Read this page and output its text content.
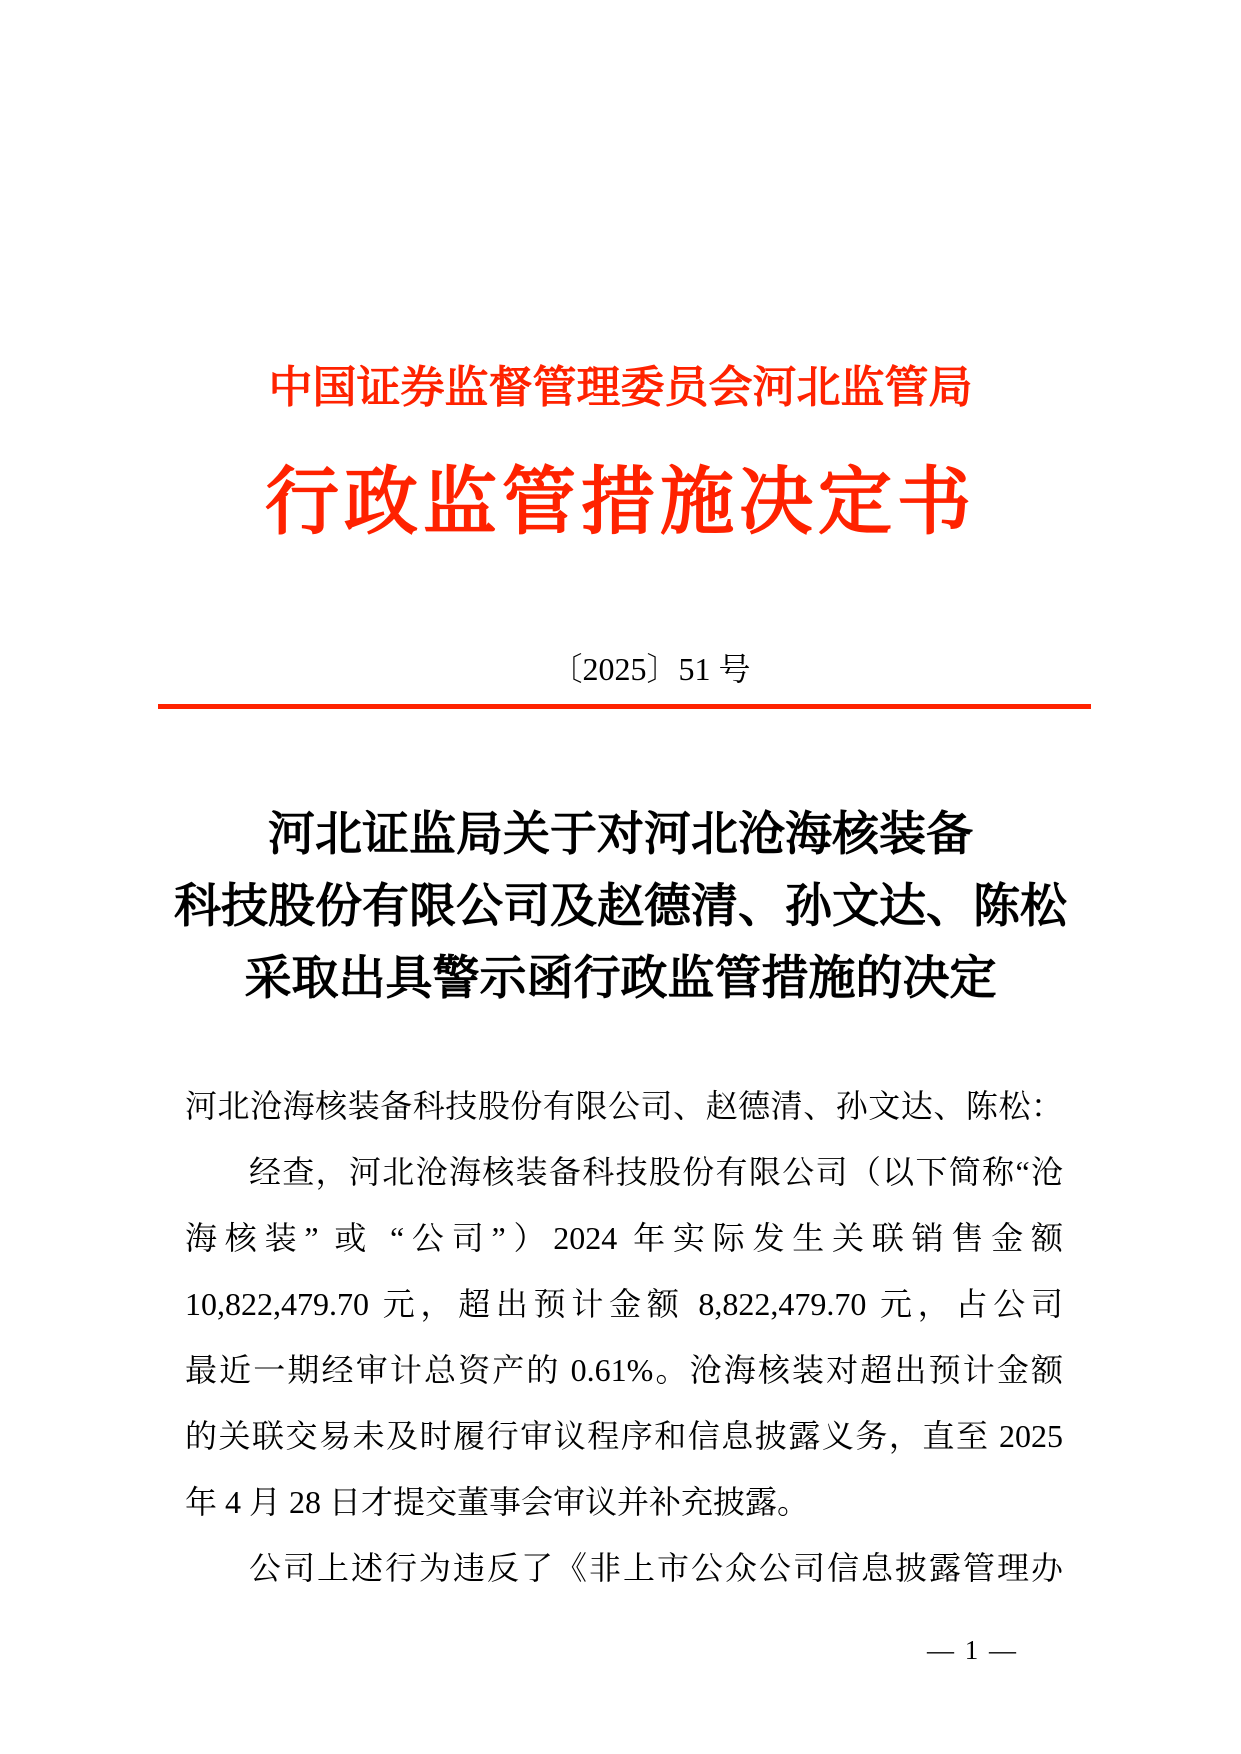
中国证券监督管理委员会河北监管局
行政监管措施决定书
〔2025〕51 号
河北证监局关于对河北沧海核装备
科技股份有限公司及赵德清、孙文达、陈松
采取出具警示函行政监管措施的决定
河北沧海核装备科技股份有限公司、赵德清、孙文达、陈松：
经查，河北沧海核装备科技股份有限公司（以下简称“沧
海核装” 或 “公司”）2024 年实际发生关联销售金额
10,822,479.70 元，超出预计金额 8,822,479.70 元，占公司
最近一期经审计总资产的 0.61%。沧海核装对超出预计金额
的关联交易未及时履行审议程序和信息披露义务，直至 2025
年 4 月 28 日才提交董事会审议并补充披露。
公司上述行为违反了《非上市公众公司信息披露管理办
— 1 —
